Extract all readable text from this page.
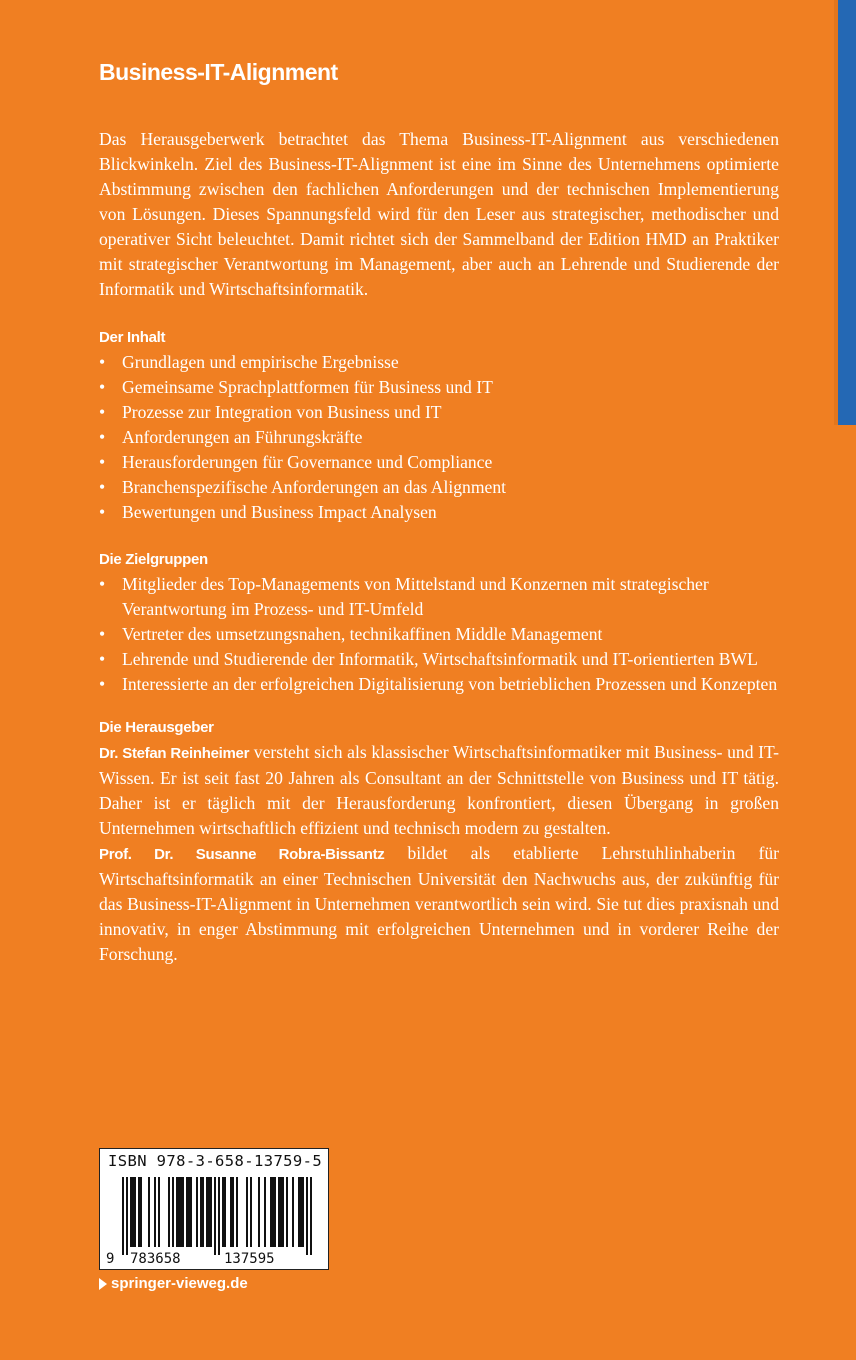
Business-IT-Alignment

Das Herausgeberwerk betrachtet das Thema Business-IT-Alignment aus verschiedenen Blickwinkeln. Ziel des Business-IT-Alignment ist eine im Sinne des Unternehmens optimierte Abstimmung zwischen den fachlichen Anforderungen und der technischen Implementierung von Lösungen. Dieses Spannungsfeld wird für den Leser aus strategischer, methodischer und operativer Sicht beleuchtet. Damit richtet sich der Sammelband der Edition HMD an Praktiker mit strategischer Verantwortung im Management, aber auch an Lehrende und Studierende der Informatik und Wirtschaftsinformatik.

Der Inhalt
• Grundlagen und empirische Ergebnisse
• Gemeinsame Sprachplattformen für Business und IT
• Prozesse zur Integration von Business und IT
• Anforderungen an Führungskräfte
• Herausforderungen für Governance und Compliance
• Branchenspezifische Anforderungen an das Alignment
• Bewertungen und Business Impact Analysen
Die Zielgruppen
• Mitglieder des Top-Managements von Mittelstand und Konzernen mit strategischer Verantwortung im Prozess- und IT-Umfeld
• Vertreter des umsetzungsnahen, technikaffinen Middle Management
• Lehrende und Studierende der Informatik, Wirtschaftsinformatik und IT-orientierten BWL
• Interessierte an der erfolgreichen Digitalisierung von betrieblichen Prozessen und Konzepten
Die Herausgeber

Dr. Stefan Reinheimer versteht sich als klassischer Wirtschaftsinformatiker mit Business- und IT-Wissen. Er ist seit fast 20 Jahren als Consultant an der Schnittstelle von Business und IT tätig. Daher ist er täglich mit der Herausforderung konfrontiert, diesen Übergang in großen Unternehmen wirtschaftlich effizient und technisch modern zu gestalten.

Prof. Dr. Susanne Robra-Bissantz bildet als etablierte Lehrstuhlinhaberin für Wirtschaftsinformatik an einer Technischen Universität den Nachwuchs aus, der zukünftig für das Business-IT-Alignment in Unternehmen verantwortlich sein wird. Sie tut dies praxisnah und innovativ, in enger Abstimmung mit erfolgreichen Unternehmen und in vorderer Reihe der Forschung.

ISBN 978-3-658-13759-5
9 783658	137595
springer-vieweg.de
